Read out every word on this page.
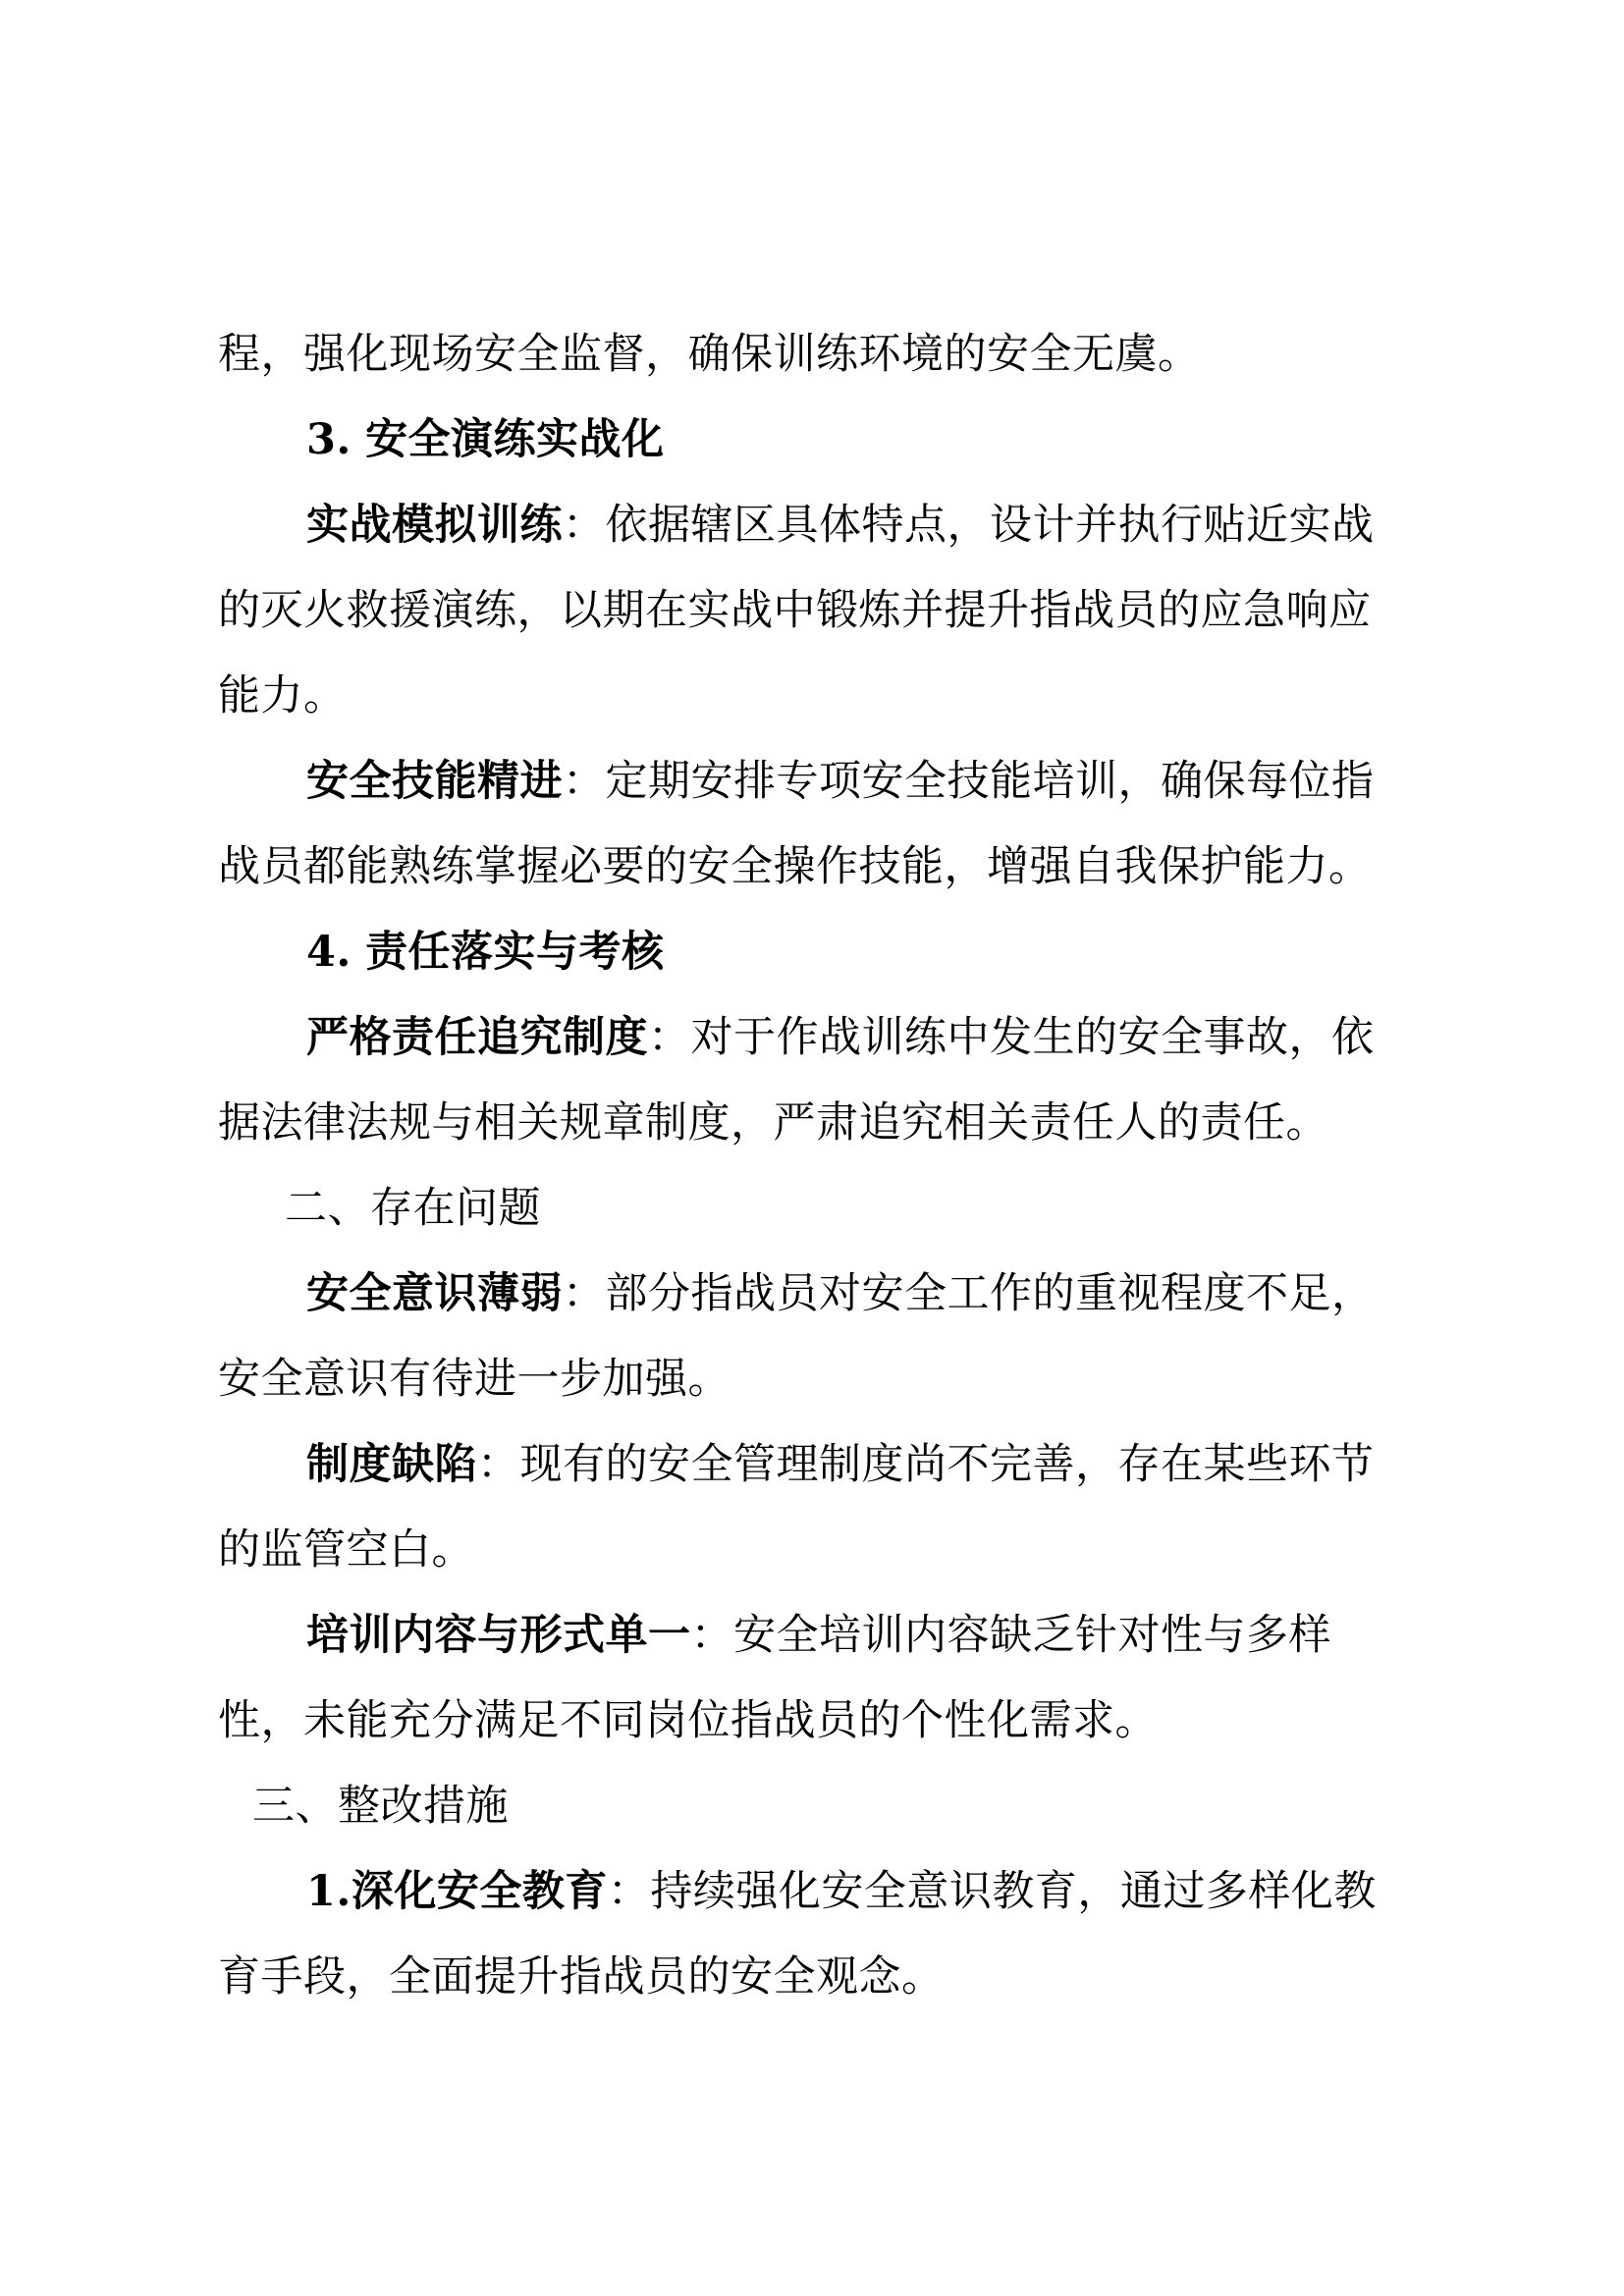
程，强化现场安全监督，确保训练环境的安全无虞。

3. 安全演练实战化

实战模拟训练：依据辖区具体特点，设计并执行贴近实战

的灭火救援演练，以期在实战中锻炼并提升指战员的应急响应

能力。

安全技能精进：定期安排专项安全技能培训，确保每位指

战员都能熟练掌握必要的安全操作技能，增强自我保护能力。

4. 责任落实与考核

严格责任追究制度：对于作战训练中发生的安全事故，依

据法律法规与相关规章制度，严肃追究相关责任人的责任。

二、存在问题

安全意识薄弱：部分指战员对安全工作的重视程度不足，

安全意识有待进一步加强。

制度缺陷：现有的安全管理制度尚不完善，存在某些环节

的监管空白。

培训内容与形式单一：安全培训内容缺乏针对性与多样

性，未能充分满足不同岗位指战员的个性化需求。

三、整改措施

1.深化安全教育：持续强化安全意识教育，通过多样化教

育手段，全面提升指战员的安全观念。
